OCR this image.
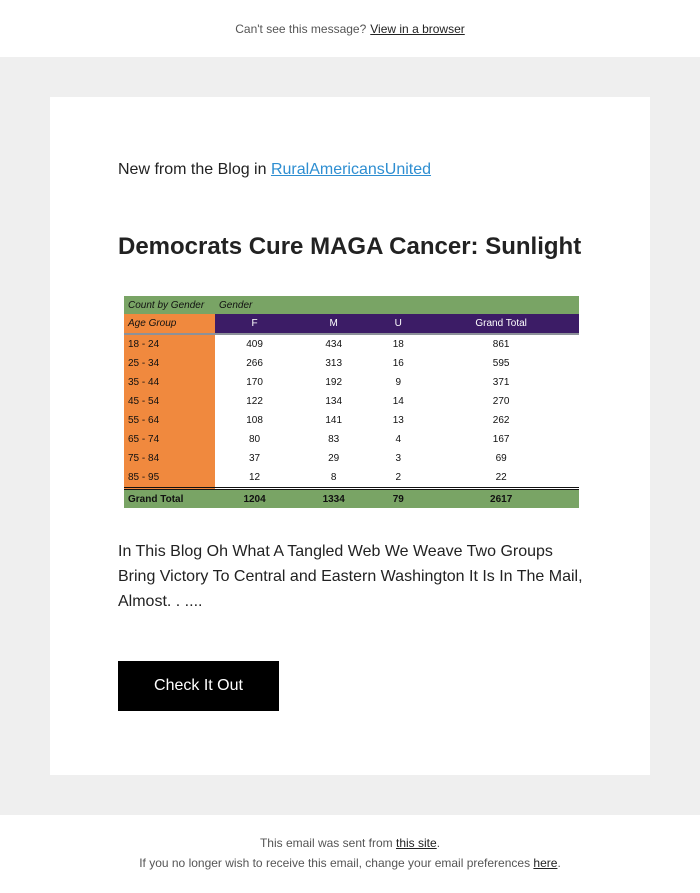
Can't see this message? View in a browser
New from the Blog in RuralAmericansUnited
Democrats Cure MAGA Cancer: Sunlight
Count by Gender	Gender			
Age Group	F	M	U	Grand Total

18 - 24	409	434	18	861
25 - 34	266	313	16	595
35 - 44	170	192	9	371
45 - 54	122	134	14	270
55 - 64	108	141	13	262
65 - 74	80	83	4	167
75 - 84	37	29	3	69
85 - 95	12	8	2	22
Grand Total	1204	1334	79	2617
In This Blog Oh What A Tangled Web We Weave Two Groups Bring Victory To Central and Eastern Washington It Is In The Mail, Almost. . ....
Check It Out

This email was sent from this site.

If you no longer wish to receive this email, change your email preferences here.
